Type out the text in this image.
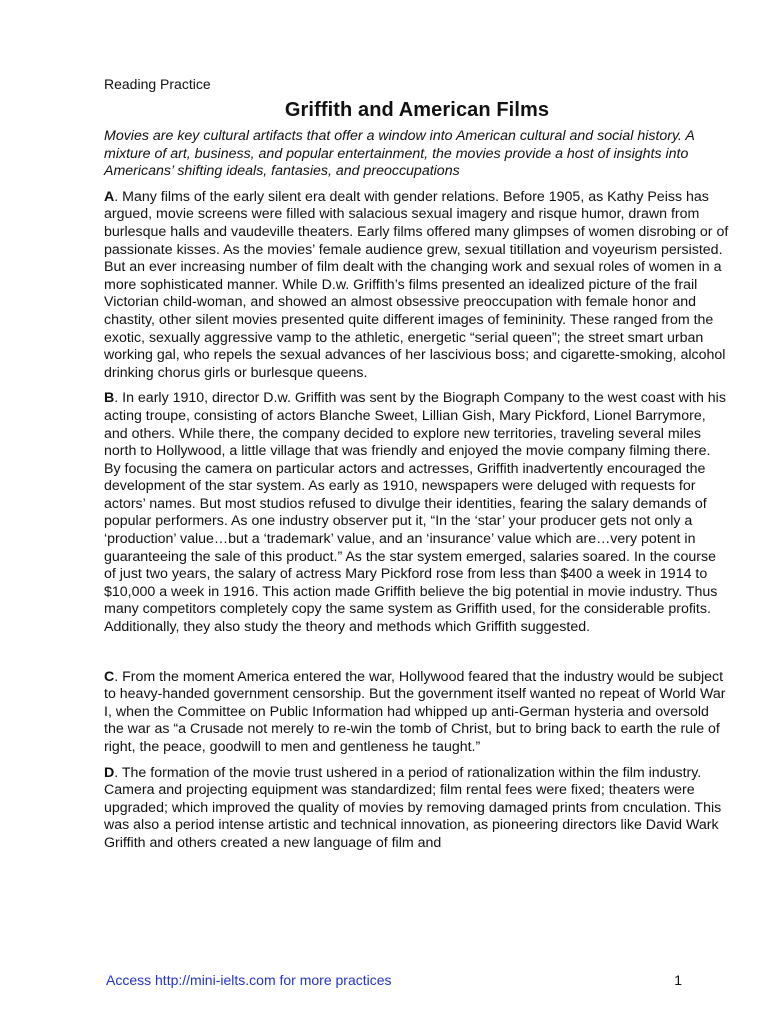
Reading Practice
Griffith and American Films
Movies are key cultural artifacts that offer a window into American cultural and social history. A mixture of art, business, and popular entertainment, the movies provide a host of insights into Americans’ shifting ideals, fantasies, and preoccupations

A. Many films of the early silent era dealt with gender relations. Before 1905, as Kathy Peiss has argued, movie screens were filled with salacious sexual imagery and risque humor, drawn from burlesque halls and vaudeville theaters. Early films offered many glimpses of women disrobing or of passionate kisses. As the movies’ female audience grew, sexual titillation and voyeurism persisted. But an ever increasing number of film dealt with the changing work and sexual roles of women in a more sophisticated manner. While D.w. Griffith’s films presented an idealized picture of the frail Victorian child-woman, and showed an almost obsessive preoccupation with female honor and chastity, other silent movies presented quite different images of femininity. These ranged from the exotic, sexually aggressive vamp to the athletic, energetic “serial queen”; the street smart urban working gal, who repels the sexual advances of her lascivious boss; and cigarette-smoking, alcohol drinking chorus girls or burlesque queens.

B. In early 1910, director D.w. Griffith was sent by the Biograph Company to the west coast with his acting troupe, consisting of actors Blanche Sweet, Lillian Gish, Mary Pickford, Lionel Barrymore, and others. While there, the company decided to explore new territories, traveling several miles north to Hollywood, a little village that was friendly and enjoyed the movie company filming there. By focusing the camera on particular actors and actresses, Griffith inadvertently encouraged the development of the star system. As early as 1910, newspapers were deluged with requests for actors’ names. But most studios refused to divulge their identities, fearing the salary demands of popular performers. As one industry observer put it, “In the ‘star’ your producer gets not only a ‘production’ value…but a ‘trademark’ value, and an ‘insurance’ value which are…very potent in guaranteeing the sale of this product.” As the star system emerged, salaries soared. In the course of just two years, the salary of actress Mary Pickford rose from less than $400 a week in 1914 to $10,000 a week in 1916. This action made Griffith believe the big potential in movie industry. Thus many competitors completely copy the same system as Griffith used, for the considerable profits. Additionally, they also study the theory and methods which Griffith suggested.

C. From the moment America entered the war, Hollywood feared that the industry would be subject to heavy-handed government censorship. But the government itself wanted no repeat of World War I, when the Committee on Public Information had whipped up anti-German hysteria and oversold the war as “a Crusade not merely to re-win the tomb of Christ, but to bring back to earth the rule of right, the peace, goodwill to men and gentleness he taught.”

D. The formation of the movie trust ushered in a period of rationalization within the film industry. Camera and projecting equipment was standardized; film rental fees were fixed; theaters were upgraded; which improved the quality of movies by removing damaged prints from cnculation. This was also a period intense artistic and technical innovation, as pioneering directors like David Wark Griffith and others created a new language of film and

Access http://mini-ielts.com for more practices	1
